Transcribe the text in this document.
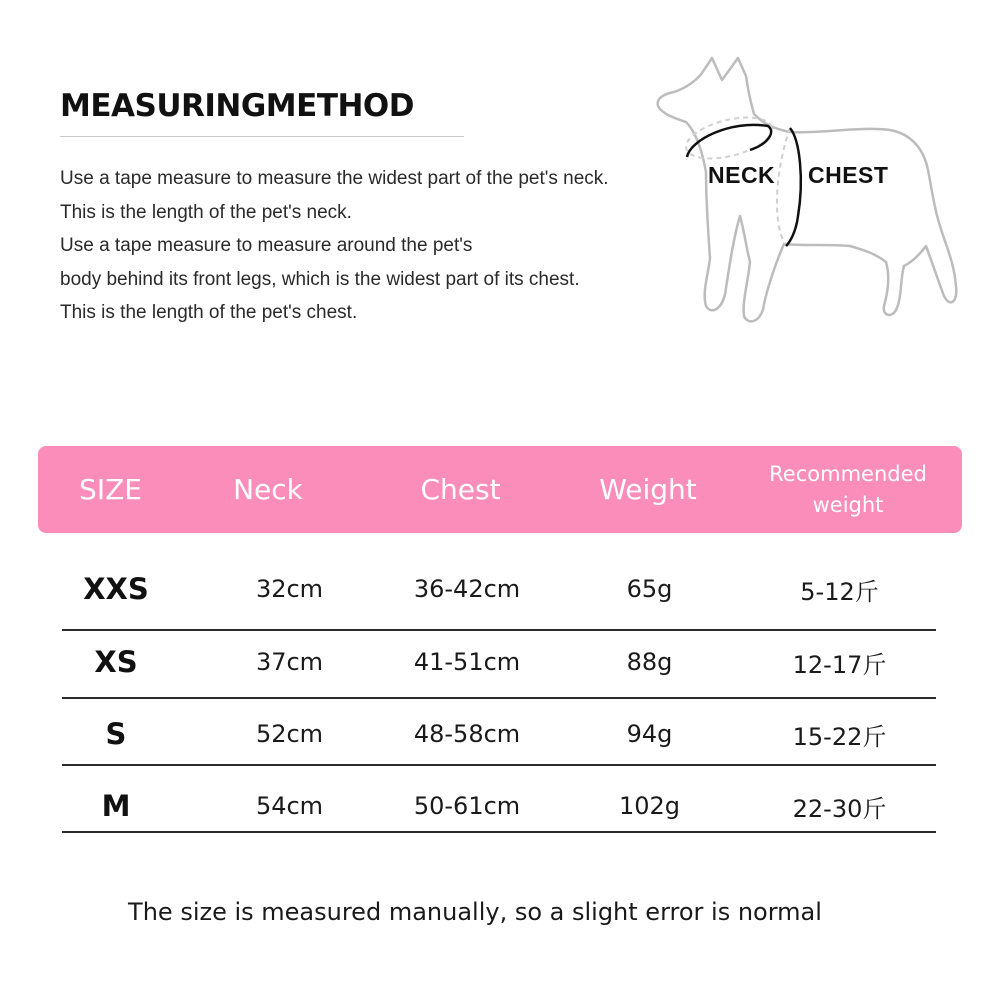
MEASURINGMETHOD
Use a tape measure to measure the widest part of the pet's neck.
This is the length of the pet's neck.
Use a tape measure to measure around the pet's
body behind its front legs, which is the widest part of its chest.
This is the length of the pet's chest.
NECK CHEST
SIZE	Neck	Chest	Weight	Recommended weight
XXS	32cm	36-42cm	65g	5-12斤
XS	37cm	41-51cm	88g	12-17斤
S	52cm	48-58cm	94g	15-22斤
M	54cm	50-61cm	102g	22-30斤
The size is measured manually, so a slight error is normal
